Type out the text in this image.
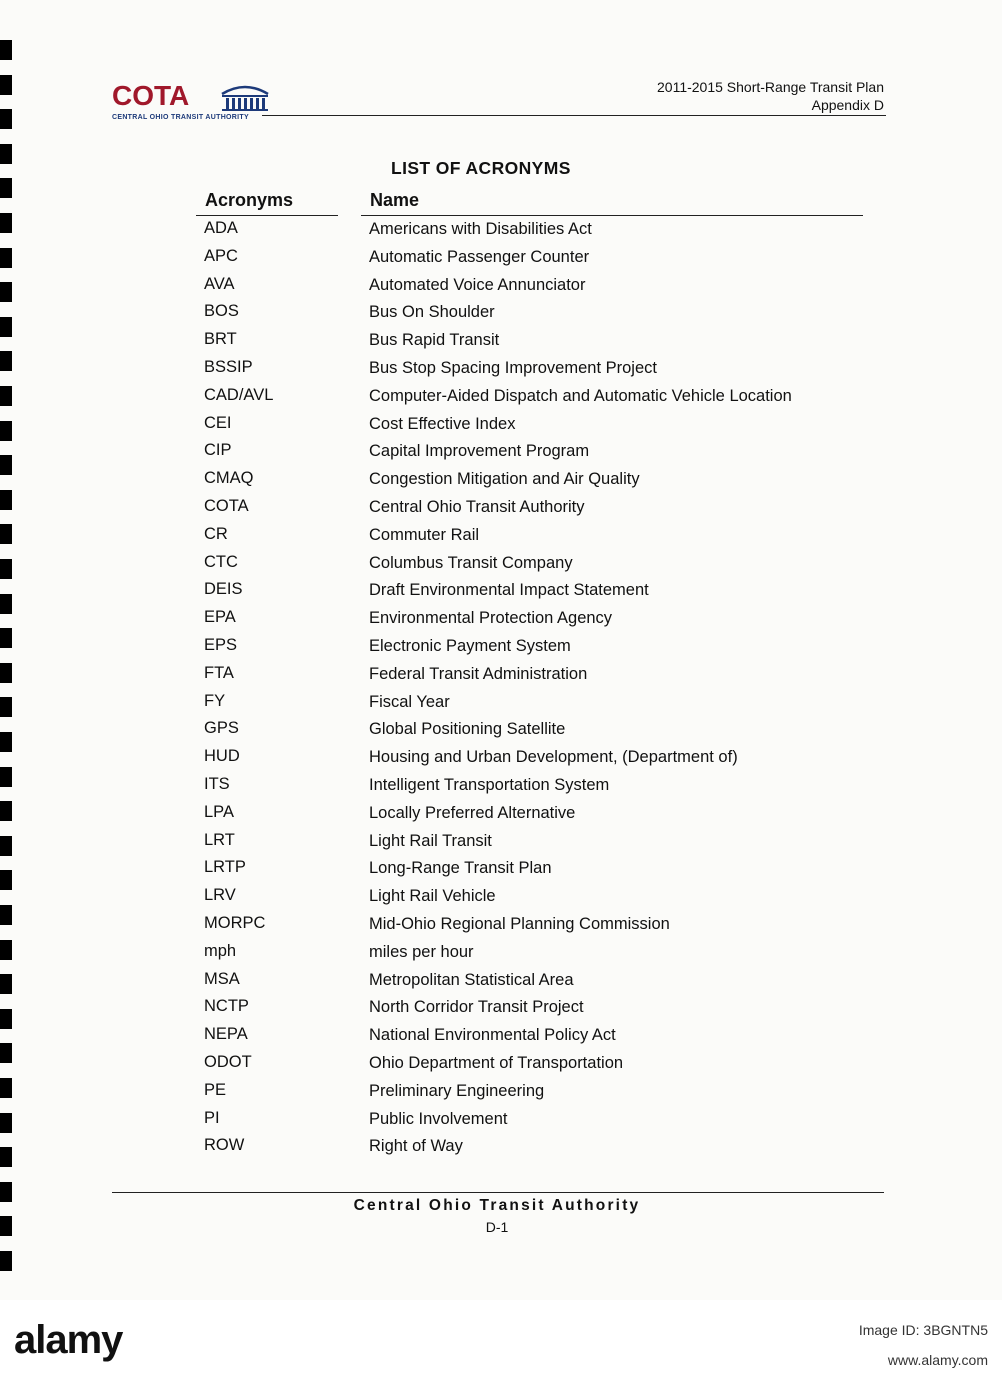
COTA
CENTRAL OHIO TRANSIT AUTHORITY
2011-2015 Short-Range Transit Plan
Appendix D
LIST OF ACRONYMS
Acronyms	Name
ADA	Americans with Disabilities Act
APC	Automatic Passenger Counter
AVA	Automated Voice Annunciator
BOS	Bus On Shoulder
BRT	Bus Rapid Transit
BSSIP	Bus Stop Spacing Improvement Project
CAD/AVL	Computer-Aided Dispatch and Automatic Vehicle Location
CEI	Cost Effective Index
CIP	Capital Improvement Program
CMAQ	Congestion Mitigation and Air Quality
COTA	Central Ohio Transit Authority
CR	Commuter Rail
CTC	Columbus Transit Company
DEIS	Draft Environmental Impact Statement
EPA	Environmental Protection Agency
EPS	Electronic Payment System
FTA	Federal Transit Administration
FY	Fiscal Year
GPS	Global Positioning Satellite
HUD	Housing and Urban Development, (Department of)
ITS	Intelligent Transportation System
LPA	Locally Preferred Alternative
LRT	Light Rail Transit
LRTP	Long-Range Transit Plan
LRV	Light Rail Vehicle
MORPC	Mid-Ohio Regional Planning Commission
mph	miles per hour
MSA	Metropolitan Statistical Area
NCTP	North Corridor Transit Project
NEPA	National Environmental Policy Act
ODOT	Ohio Department of Transportation
PE	Preliminary Engineering
PI	Public Involvement
ROW	Right of Way
Central Ohio Transit Authority
D-1
alamy	Image ID: 3BGNTN5
www.alamy.com
